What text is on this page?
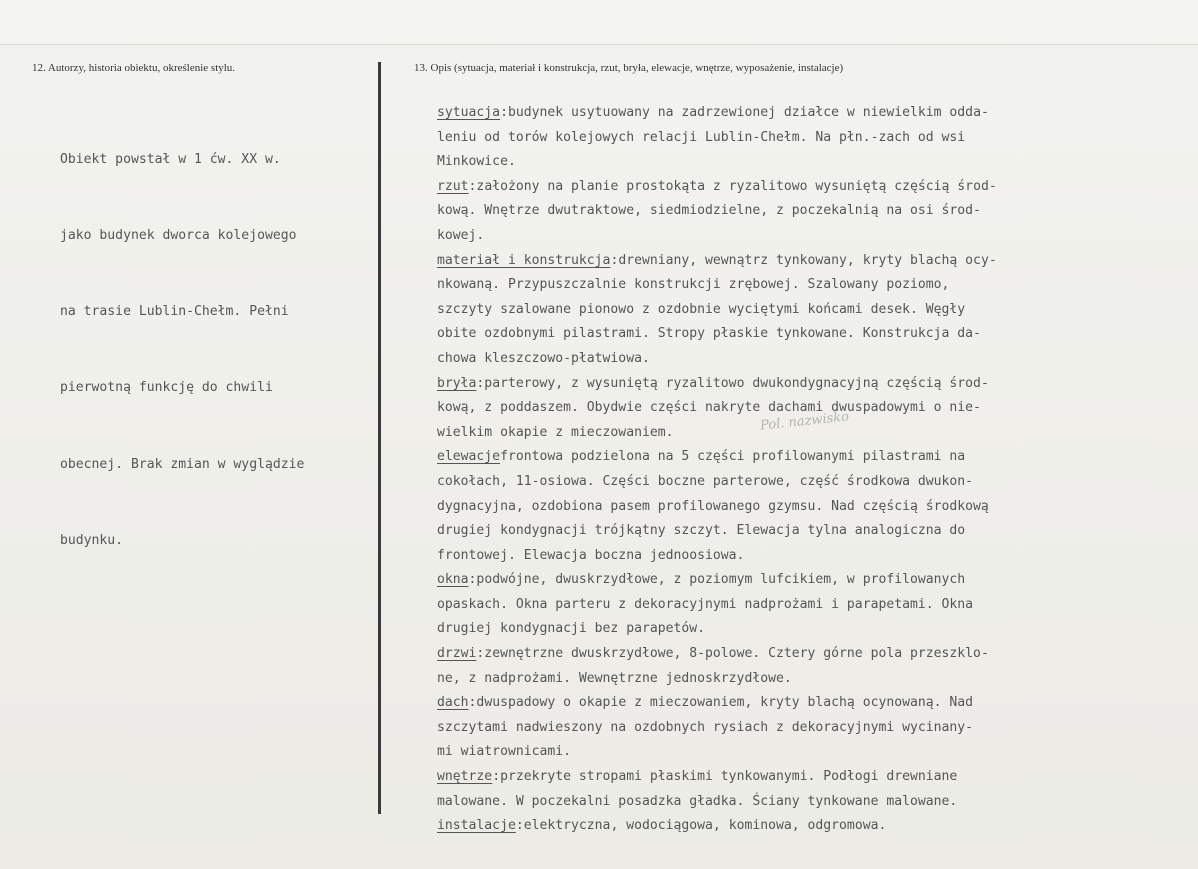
12. Autorzy, historia obiektu, określenie stylu.	13. Opis (sytuacja, materiał i konstrukcja, rzut, bryła, elewacje, wnętrze, wyposażenie, instalacje)

Obiekt powstał w 1 ćw. XX w.

jako budynek dworca kolejowego

na trasie Lublin-Chełm. Pełni

pierwotną funkcję do chwili

obecnej. Brak zmian w wyglądzie

budynku.

sytuacja:budynek usytuowany na zadrzewionej działce w niewielkim odda-
leniu od torów kolejowych relacji Lublin-Chełm. Na płn.-zach od wsi
Minkowice.
rzut:założony na planie prostokąta z ryzalitowo wysuniętą częścią środ-
kową. Wnętrze dwutraktowe, siedmiodzielne, z poczekalnią na osi środ-
kowej.
materiał i konstrukcja:drewniany, wewnątrz tynkowany, kryty blachą ocy-
nkowaną. Przypuszczalnie konstrukcji zrębowej. Szalowany poziomo,
szczyty szalowane pionowo z ozdobnie wyciętymi końcami desek. Węgły
obite ozdobnymi pilastrami. Stropy płaskie tynkowane. Konstrukcja da-
chowa kleszczowo-płatwiowa.
bryła:parterowy, z wysuniętą ryzalitowo dwukondygnacyjną częścią środ-
kową, z poddaszem. Obydwie części nakryte dachami dwuspadowymi o nie-
wielkim okapie z mieczowaniem.
elewacjefrontowa podzielona na 5 części profilowanymi pilastrami na
cokołach, 11-osiowa. Części boczne parterowe, część środkowa dwukon-
dygnacyjna, ozdobiona pasem profilowanego gzymsu. Nad częścią środkową
drugiej kondygnacji trójkątny szczyt. Elewacja tylna analogiczna do
frontowej. Elewacja boczna jednoosiowa.
okna:podwójne, dwuskrzydłowe, z poziomym lufcikiem, w profilowanych
opaskach. Okna parteru z dekoracyjnymi nadprożami i parapetami. Okna
drugiej kondygnacji bez parapetów.
drzwi:zewnętrzne dwuskrzydłowe, 8-polowe. Cztery górne pola przeszklo-
ne, z nadprożami. Wewnętrzne jednoskrzydłowe.
dach:dwuspadowy o okapie z mieczowaniem, kryty blachą ocynowaną. Nad
szczytami nadwieszony na ozdobnych rysiach z dekoracyjnymi wycinany-
mi wiatrownicami.
wnętrze:przekryte stropami płaskimi tynkowanymi. Podłogi drewniane
malowane. W poczekalni posadzka gładka. Ściany tynkowane malowane.
instalacje:elektryczna, wodociągowa, kominowa, odgromowa.
Pol. nazwisko
